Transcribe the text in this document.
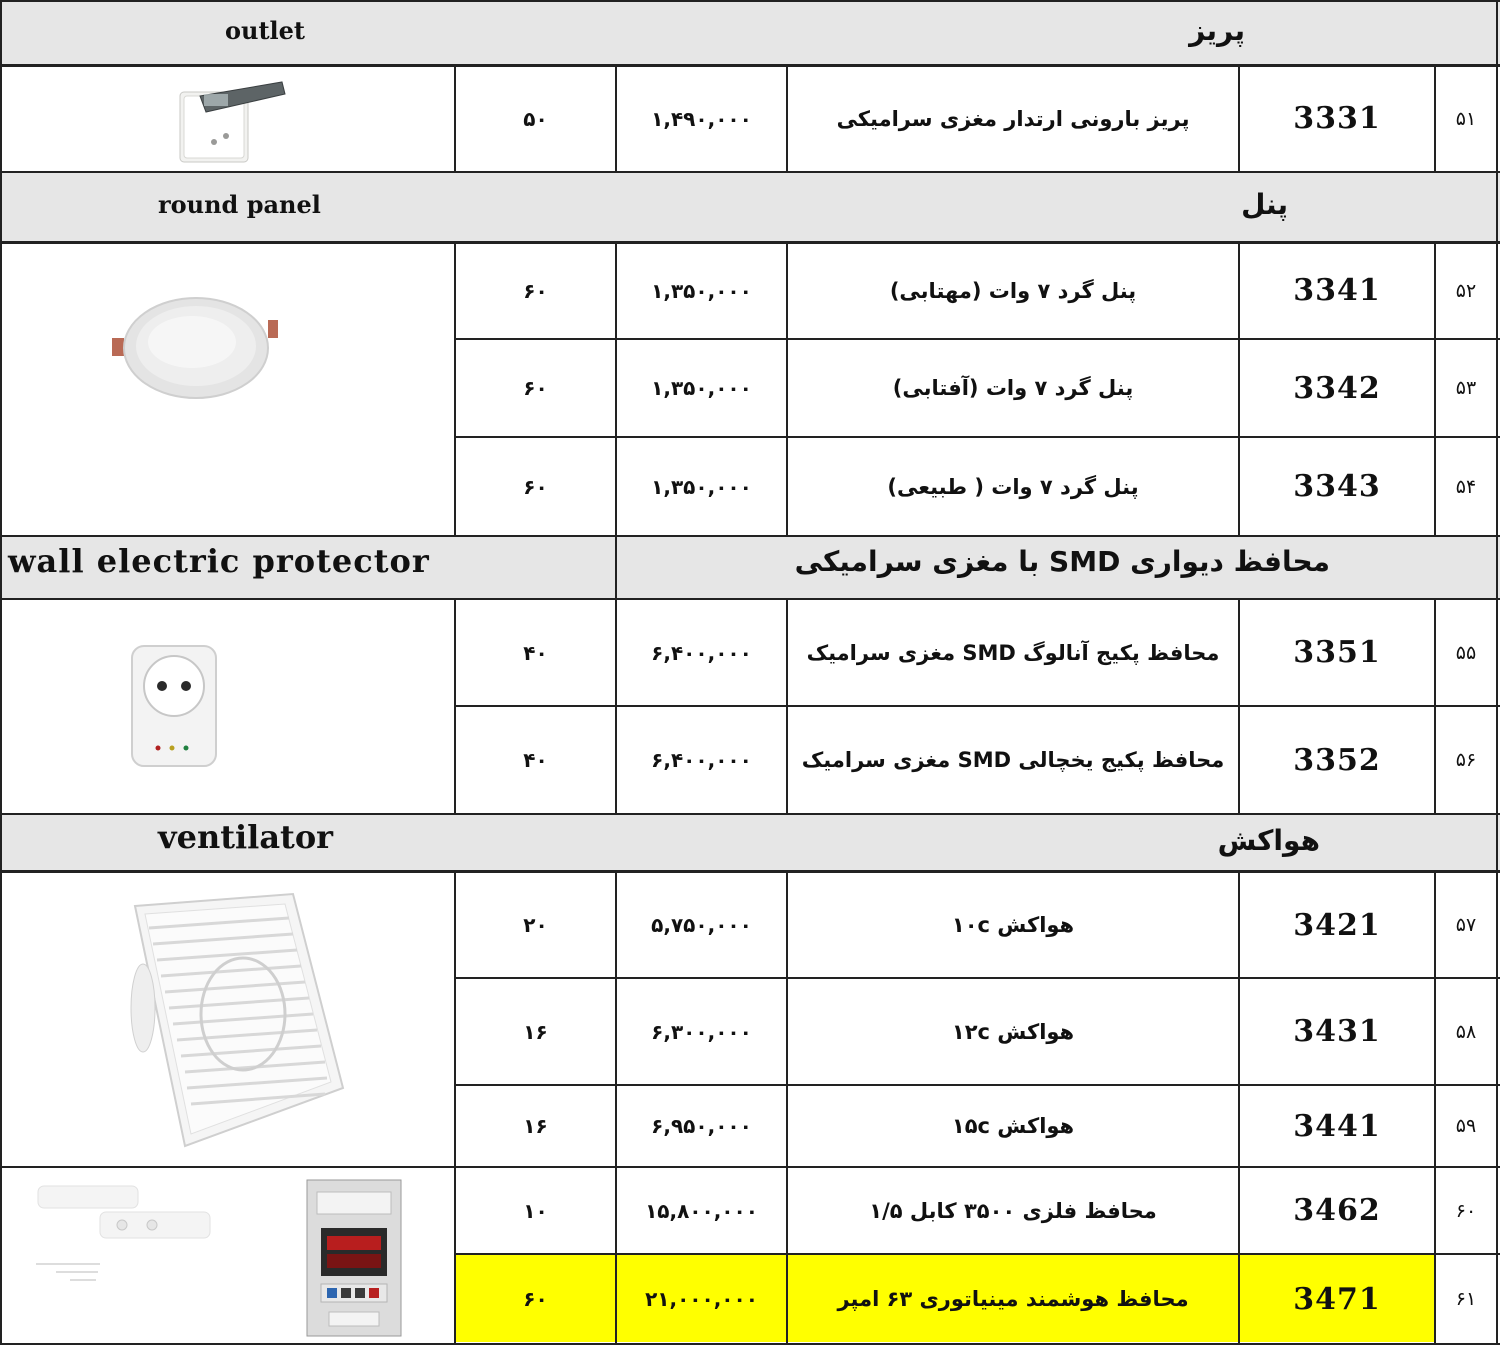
پریز
outlet
پنل
round panel
محافظ دیواری SMD با مغزی سرامیکی
wall electric protector
هواکش
ventilator
۵۱
3331
پریز بارونی ارتدار مغزی سرامیکی
۱,۴۹۰,۰۰۰
۵۰
۵۲
3341
پنل گرد ۷ وات (مهتابی)
۱,۳۵۰,۰۰۰
۶۰
۵۳
3342
پنل گرد ۷ وات (آفتابی)
۱,۳۵۰,۰۰۰
۶۰
۵۴
3343
پنل گرد ۷ وات ( طبیعی)
۱,۳۵۰,۰۰۰
۶۰
۵۵
3351
محافظ پکیج آنالوگ SMD مغزی سرامیک
۶,۴۰۰,۰۰۰
۴۰
۵۶
3352
محافظ پکیج یخچالی SMD مغزی سرامیک
۶,۴۰۰,۰۰۰
۴۰
۵۷
3421
هواکش ۱۰c
۵,۷۵۰,۰۰۰
۲۰
۵۸
3431
هواکش ۱۲c
۶,۳۰۰,۰۰۰
۱۶
۵۹
3441
هواکش ۱۵c
۶,۹۵۰,۰۰۰
۱۶
۶۰
3462
محافظ فلزی ۳۵۰۰ کابل ۱/۵
۱۵,۸۰۰,۰۰۰
۱۰
۶۱
3471
محافظ هوشمند مینیاتوری ۶۳ امپر
۲۱,۰۰۰,۰۰۰
۶۰
